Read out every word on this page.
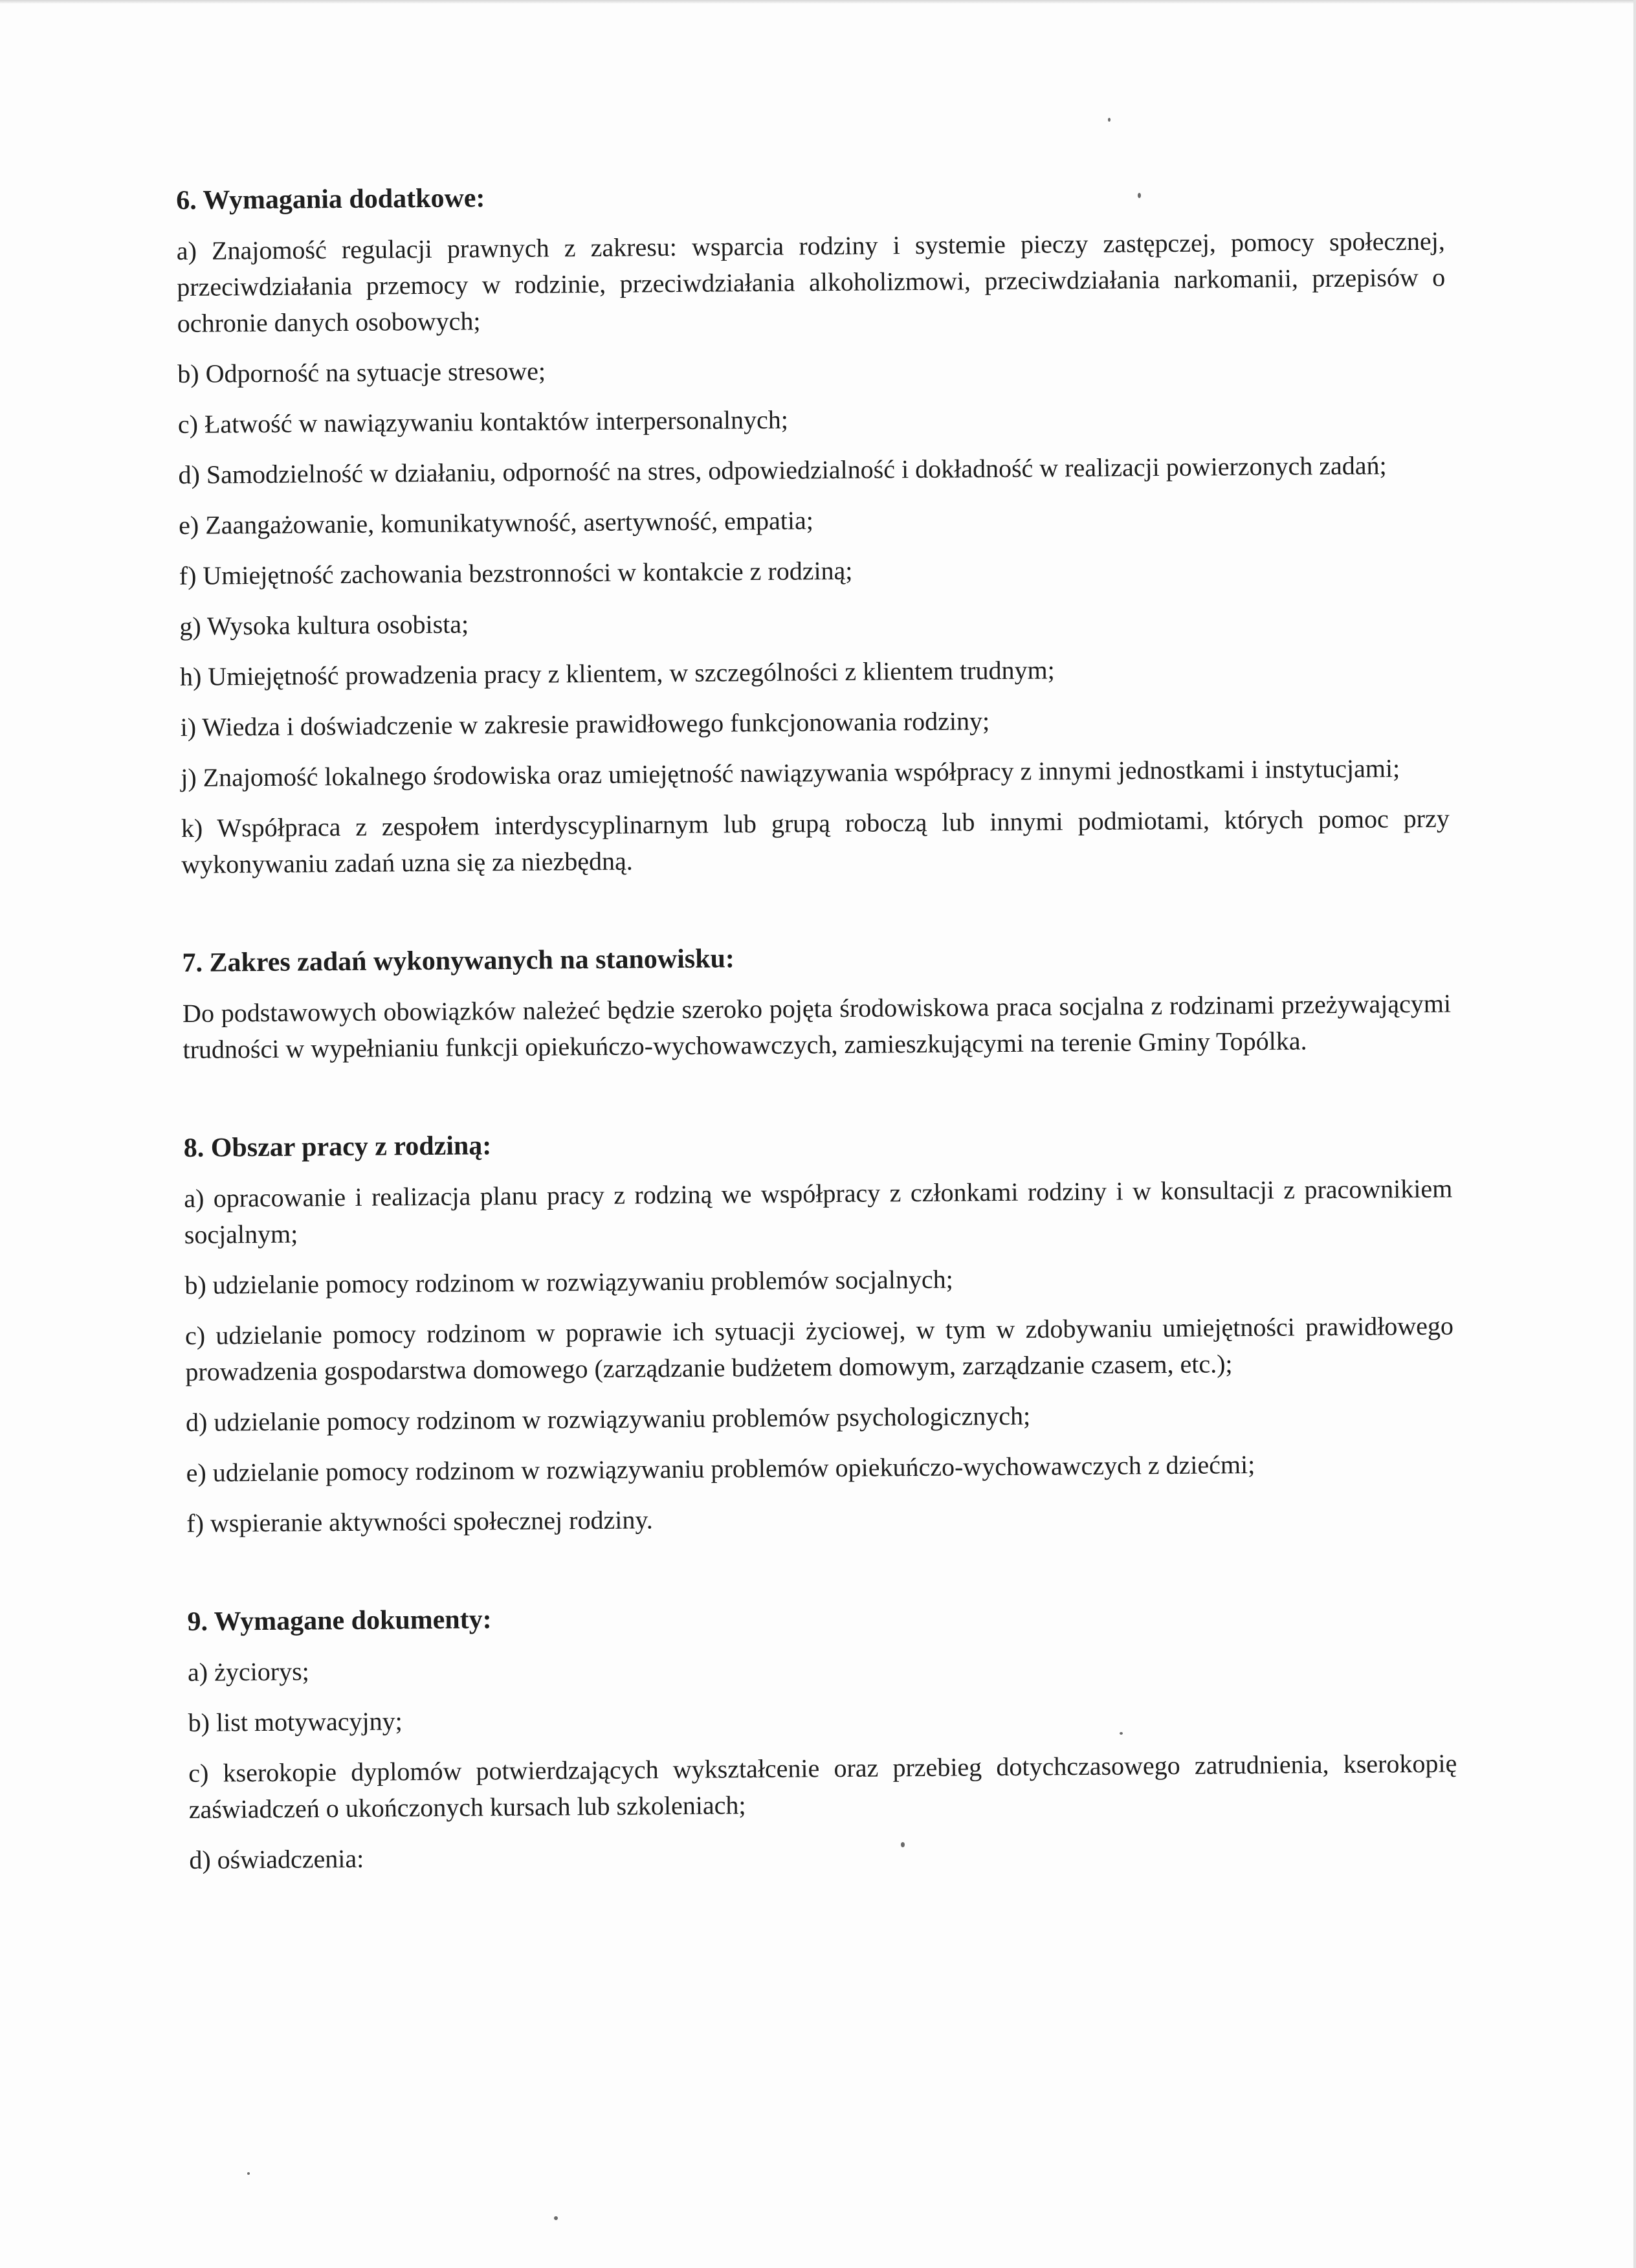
6. Wymagania dodatkowe:

a) Znajomość regulacji prawnych z zakresu: wsparcia rodziny i systemie pieczy zastępczej, pomocy społecznej, przeciwdziałania przemocy w rodzinie, przeciwdziałania alkoholizmowi, przeciwdziałania narkomanii, przepisów o ochronie danych osobowych;

b) Odporność na sytuacje stresowe;

c) Łatwość w nawiązywaniu kontaktów interpersonalnych;

d) Samodzielność w działaniu, odporność na stres, odpowiedzialność i dokładność w realizacji powierzonych zadań;

e) Zaangażowanie, komunikatywność, asertywność, empatia;

f) Umiejętność zachowania bezstronności w kontakcie z rodziną;

g) Wysoka kultura osobista;

h) Umiejętność prowadzenia pracy z klientem, w szczególności z klientem trudnym;

i) Wiedza i doświadczenie w zakresie prawidłowego funkcjonowania rodziny;

j) Znajomość lokalnego środowiska oraz umiejętność nawiązywania współpracy z innymi jednostkami i instytucjami;

k) Współpraca z zespołem interdyscyplinarnym lub grupą roboczą lub innymi podmiotami, których pomoc przy wykonywaniu zadań uzna się za niezbędną.

7. Zakres zadań wykonywanych na stanowisku:

Do podstawowych obowiązków należeć będzie szeroko pojęta środowiskowa praca socjalna z rodzinami przeżywającymi trudności w wypełnianiu funkcji opiekuńczo-wychowawczych, zamieszkującymi na terenie Gminy Topólka.

8. Obszar pracy z rodziną:

a) opracowanie i realizacja planu pracy z rodziną we współpracy z członkami rodziny i w konsultacji z pracownikiem socjalnym;

b) udzielanie pomocy rodzinom w rozwiązywaniu problemów socjalnych;

c) udzielanie pomocy rodzinom w poprawie ich sytuacji życiowej, w tym w zdobywaniu umiejętności prawidłowego prowadzenia gospodarstwa domowego (zarządzanie budżetem domowym, zarządzanie czasem, etc.);

d) udzielanie pomocy rodzinom w rozwiązywaniu problemów psychologicznych;

e) udzielanie pomocy rodzinom w rozwiązywaniu problemów opiekuńczo-wychowawczych z dziećmi;

f) wspieranie aktywności społecznej rodziny.

9. Wymagane dokumenty:

a) życiorys;

b) list motywacyjny;

c) kserokopie dyplomów potwierdzających wykształcenie oraz przebieg dotychczasowego zatrudnienia, kserokopię zaświadczeń o ukończonych kursach lub szkoleniach;

d) oświadczenia:
